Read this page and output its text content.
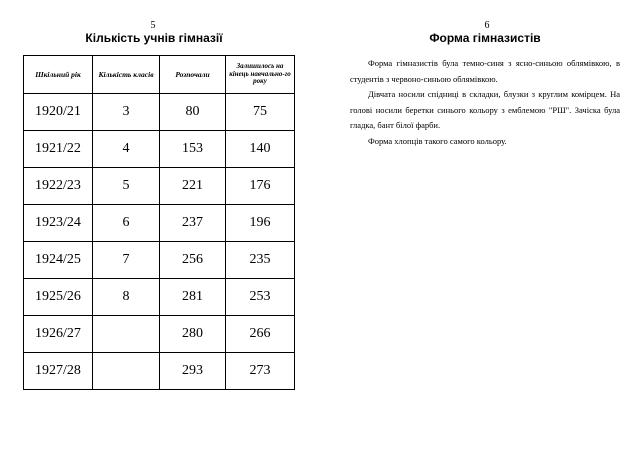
5
Кількість учнів гімназії
Шкільний рік	Кількість класів	Розпочали	Залишилось на кінець навчально-го року
1920/21	3	80	75
1921/22	4	153	140
1922/23	5	221	176
1923/24	6	237	196
1924/25	7	256	235
1925/26	8	281	253
1926/27		280	266
1927/28		293	273
6
Форма гімназистів

Форма гімназистів була темно-синя з ясно-синьою облямівкою, в студентів з червоно-синьою облямівкою.

Дівчата носили спідниці в складки, блузки з круглим комірцем. На голові носили беретки синього кольору з емблемою "РШ". Зачіска була гладка, бант білої фарби.

Форма хлопців такого самого кольору.
